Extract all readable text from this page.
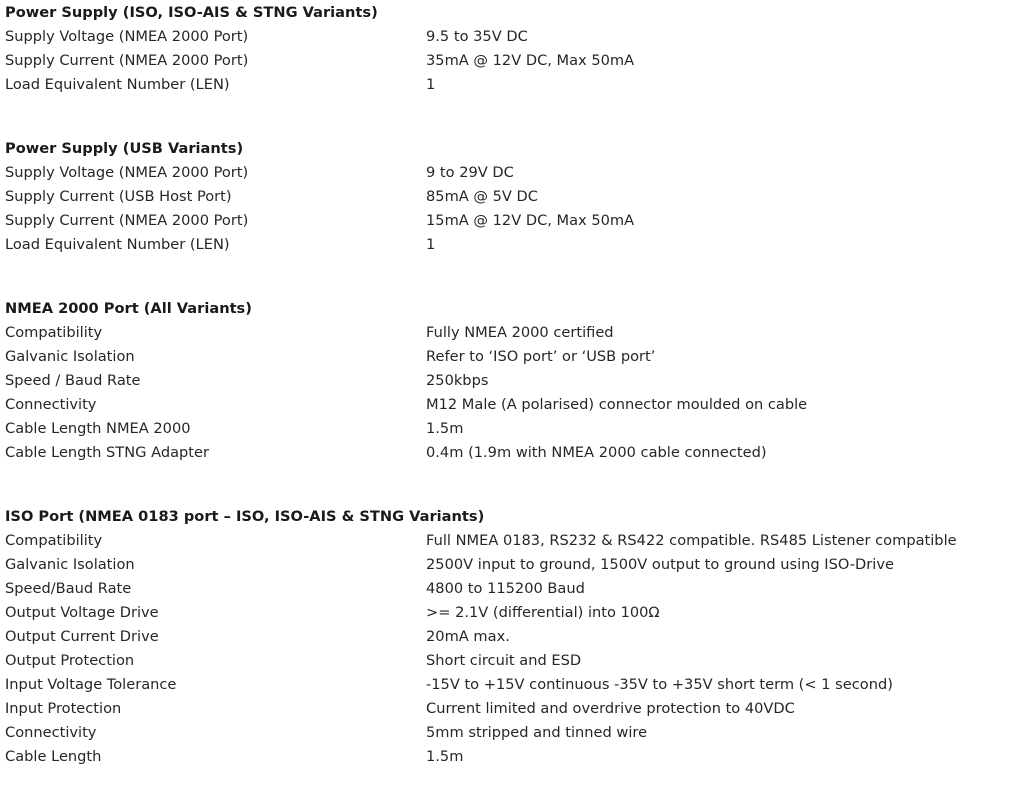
Power Supply (ISO, ISO-AIS & STNG Variants)
Supply Voltage (NMEA 2000 Port)	9.5 to 35V DC
Supply Current (NMEA 2000 Port)	35mA @ 12V DC, Max 50mA
Load Equivalent Number (LEN)	1
Power Supply (USB Variants)
Supply Voltage (NMEA 2000 Port)	9 to 29V DC
Supply Current (USB Host Port)	85mA @ 5V DC
Supply Current (NMEA 2000 Port)	15mA @ 12V DC, Max 50mA
Load Equivalent Number (LEN)	1
NMEA 2000 Port (All Variants)
Compatibility	Fully NMEA 2000 certified
Galvanic Isolation	Refer to ‘ISO port’ or ‘USB port’
Speed / Baud Rate	250kbps
Connectivity	M12 Male (A polarised) connector moulded on cable
Cable Length NMEA 2000	1.5m
Cable Length STNG Adapter	0.4m (1.9m with NMEA 2000 cable connected)
ISO Port (NMEA 0183 port – ISO, ISO-AIS & STNG Variants)
Compatibility	Full NMEA 0183, RS232 & RS422 compatible. RS485 Listener compatible
Galvanic Isolation	2500V input to ground, 1500V output to ground using ISO-Drive
Speed/Baud Rate	4800 to 115200 Baud
Output Voltage Drive	>= 2.1V (differential) into 100Ω
Output Current Drive	20mA max.
Output Protection	Short circuit and ESD
Input Voltage Tolerance	-15V to +15V continuous -35V to +35V short term (< 1 second)
Input Protection	Current limited and overdrive protection to 40VDC
Connectivity	5mm stripped and tinned wire
Cable Length	1.5m
